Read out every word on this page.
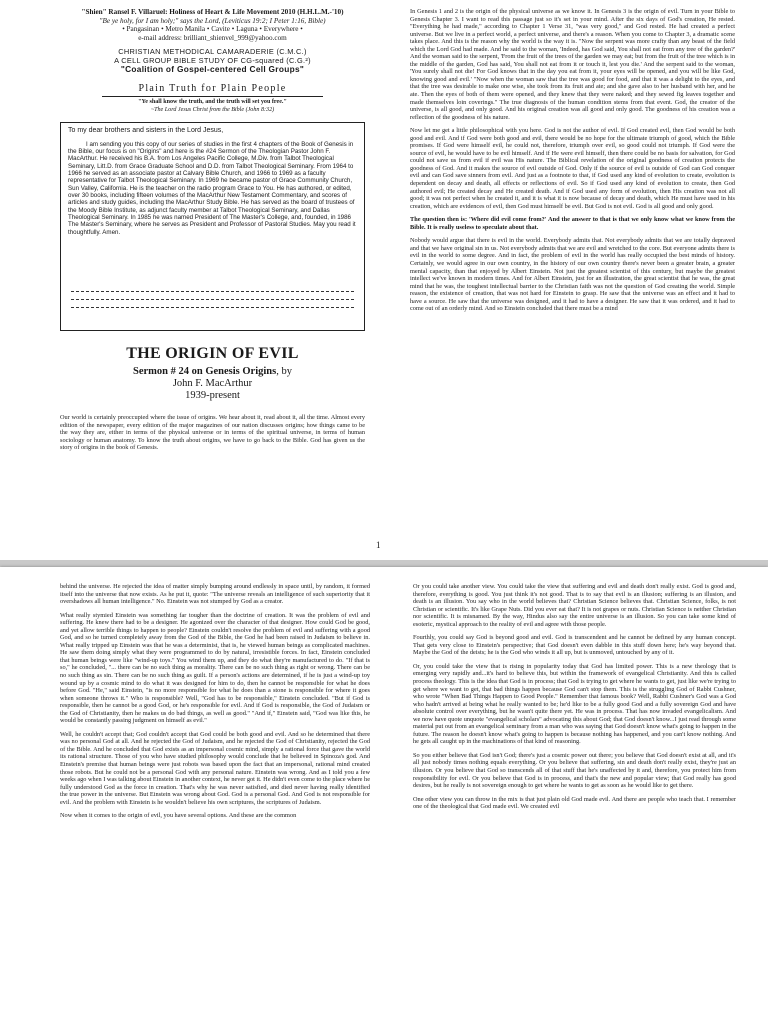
"Shien" Ransel F. Villaruel: Holiness of Heart & Life Movement 2010 (H.H.L.M.-'10)
"Be ye holy, for I am holy;" says the Lord, (Leviticus 19:2; I Peter 1:16, Bible)
• Pangasinan • Metro Manila • Cavite • Laguna • Everywhere •
e-mail address: brilliant_shienvel_999@yahoo.com
CHRISTIAN METHODICAL CAMARADERIE (C.M.C.)
A CELL GROUP BIBLE STUDY OF CG-squared (C.G.²)
"Coalition of Gospel-centered Cell Groups"
Plain Truth for Plain People
"Ye shall know the truth, and the truth will set you free."
~The Lord Jesus Christ from the Bible (John 8:32)
To my dear brothers and sisters in the Lord Jesus,
I am sending you this copy of our series of studies in the first 4 chapters of the Book of Genesis in the Bible, our focus is on "Origins" and here is the #24 Sermon of the Theologian Pastor John F. MacArthur. He received his B.A. from Los Angeles Pacific College, M.Div. from Talbot Theological Seminary, Litt.D. from Grace Graduate School and D.D. from Talbot Theological Seminary. From 1964 to 1966 he served as an associate pastor at Calvary Bible Church, and 1966 to 1969 as a faculty representative for Talbot Theological Seminary. In 1969 he became pastor of Grace Community Church, Sun Valley, California. He is the teacher on the radio program Grace to You. He has authored, or edited, over 30 books, including fifteen volumes of the MacArthur New Testament Commentary, and scores of articles and study guides, including the MacArthur Study Bible. He has served as the board of trustees of the Moody Bible Institute, as adjunct faculty member at Talbot Theological Seminary, and Dallas Theological Seminary. In 1985 he was named President of The Master's College, and, founded, in 1986 The Master's Seminary, where he serves as President and Professor of Pastoral Studies. May you read it thoughtfully. Amen.
THE ORIGIN OF EVIL
Sermon # 24 on Genesis Origins, by
John F. MacArthur
1939-present

Our world is certainly preoccupied where the issue of origins. We hear about it, read about it, all the time. Almost every edition of the newspaper, every edition of the major magazines of our nation discusses origins; how things came to be the way they are, either in terms of the physical universe or in terms of the spiritual universe, in terms of human sociology or human anatomy. To know the truth about origins, we have to go back to the Bible. God has given us the story of origins in the book of Genesis.

In Genesis 1 and 2 is the origin of the physical universe as we know it. In Genesis 3 is the origin of evil. Turn in your Bible to Genesis Chapter 3. I want to read this passage just so it's set in your mind. After the six days of God's creation, He rested. "Everything he had made," according to Chapter 1 Verse 31, "was very good," and God rested. He had created a perfect universe. But we live in a perfect world, a perfect universe, and there's a reason. When you come to Chapter 3, a dramatic scene takes place. And this is the reason why the world is the way it is. "Now the serpent was more crafty than any beast of the field which the Lord God had made. And he said to the woman, 'Indeed, has God said, You shall not eat from any tree of the garden?' And the woman said to the serpent, 'From the fruit of the trees of the garden we may eat; but from the fruit of the tree which is in the middle of the garden, God has said, You shall not eat from it or touch it, lest you die.' And the serpent said to the woman, 'You surely shall not die! For God knows that in the day you eat from it, your eyes will be opened, and you will be like God, knowing good and evil.' "Now when the woman saw that the tree was good for food, and that it was a delight to the eyes, and that the tree was desirable to make one wise, she took from its fruit and ate; and she gave also to her husband with her, and he ate. Then the eyes of both of them were opened, and they knew that they were naked; and they sewed fig leaves together and made themselves loin coverings." The true diagnosis of the human condition stems from that event. God, the creator of the universe, is all good, and only good. And his original creation was all good and only good. The goodness of his creation was a reflection of the goodness of his nature.

Now let me get a little philosophical with you here. God is not the author of evil. If God created evil, then God would be both good and evil. And if God were both good and evil, there would be no hope for the ultimate triumph of good, which the Bible promises. If God were himself evil, he could not, therefore, triumph over evil, so good could not triumph. If God were the source of evil, he would have to be evil himself. And if He were evil himself, then there could be no basis for salvation, for God could not save us from evil if evil was His nature. The Biblical revelation of the original goodness of creation protects the goodness of God. And it makes the source of evil outside of God. Only if the source of evil is outside of God can God conquer evil and can God save sinners from evil. And just as a footnote to that, if God used any kind of evolution to create, evolution is dependent on decay and death, all effects or reflections of evil. So if God used any kind of evolution to create, then God authored evil; He created decay and He created death. And if God used any form of evolution, then His creation was not all good; it was not perfect when he created it, and it is what it is now because of decay and death, which He must have used in his creation, which are evidences of evil, then God must himself be evil. But God is not evil. God is all good and only good.

The question then is: 'Where did evil come from?' And the answer to that is that we only know what we know from the Bible. It is really useless to speculate about that.

Nobody would argue that there is evil in the world. Everybody admits that. Not everybody admits that we are totally depraved and that we have original sin in us. Not everybody admits that we are evil and wretched to the core. But everyone admits there is evil in the world to some degree. And in fact, the problem of evil in the world has really occupied the best minds of history. Certainly, we would agree in our own country, in the history of our own country there's never been a greater brain, a greater mental capacity, than that enjoyed by Albert Einstein. Not just the greatest scientist of this century, but maybe the greatest intellect we've known in modern times. And for Albert Einstein, just for an illustration, the great scientist that he was, the great mind that he was, the toughest intellectual barrier to the Christian faith was not the question of God creating the world. Simple reason, the existence of creation, that was not hard for Einstein to grasp. He saw that the universe was an effect and it had to have a source. He saw that the universe was designed, and it had to have a designer. He saw that it was ordered, and it had to come out of an orderly mind. And so Einstein concluded that there must be a mind

1

behind the universe. He rejected the idea of matter simply bumping around endlessly in space until, by random, it formed itself into the universe that now exists. As he put it, quote: "The universe reveals an intelligence of such superiority that it overshadows all human intelligence." No. Einstein was not stumped by God as a creator.

What really stymied Einstein was something far tougher than the doctrine of creation. It was the problem of evil and suffering. He knew there had to be a designer. He agonized over the character of that designer. How could God be good, and yet allow terrible things to happen to people? Einstein couldn't resolve the problem of evil and suffering with a good God, and so he turned completely away from the God of the Bible, the God he had been raised in Judaism to believe in. What really tripped up Einstein was that he was a determinist, that is, he viewed human beings as complicated machines. He saw them doing simply what they were programmed to do by natural, irresistible forces. In fact, Einstein concluded that human beings were like "wind-up toys." You wind them up, and they do what they're manufactured to do. "If that is so," he concluded, "... there can be no such thing as morality. There can be no such thing as right or wrong. There can be no such thing as sin. There can be no such thing as guilt. If a person's actions are determined, if he is just a wind-up toy wound up by a cosmic mind to do what it was designed for him to do, then he cannot be responsible for what he does before God. "He," said Einstein, "is no more responsible for what he does than a stone is responsible for where it goes when someone throws it." Who is responsible? Well, "God has to be responsible," Einstein concluded. "But if God is responsible, then he cannot be a good God, or he's responsible for evil. And if God is responsible, the God of Judaism or the God of Christianity, then he makes us do bad things, as well as good." "And if," Einstein said, "God was like this, he would be constantly passing judgment on himself as evil."

Well, he couldn't accept that; God couldn't accept that God could be both good and evil. And so he determined that there was no personal God at all. And he rejected the God of Judaism, and he rejected the God of Christianity, rejected the God of the Bible. And he concluded that God exists as an impersonal cosmic mind, simply a rational force that gave the world its rational structure. Those of you who have studied philosophy would conclude that he believed in Spinoza's god. And Einstein's premise that human beings were just robots was based upon the fact that an impersonal, rational mind created those robots. But he could not be a personal God with any personal nature. Einstein was wrong. And as I told you a few weeks ago when I was talking about Einstein in another context, he never got it. He didn't even come to the place where he fully understood God as the force in creation. That's why he was never satisfied, and died never having really identified the true power in the universe. But Einstein was wrong about God. God is a personal God. And God is not responsible for evil. And the problem with Einstein is he wouldn't believe his own scriptures, the scriptures of Judaism.

Now when it comes to the origin of evil, you have several options. And these are the common

Or you could take another view. You could take the view that suffering and evil and death don't really exist. God is good and, therefore, everything is good. You just think it's not good. That is to say that evil is an illusion; suffering is an illusion, and death is an illusion. You say who in the world believes that? Christian Science believes that. Christian Science, folks, is not Christian or scientific. It's like Grape Nuts. Did you ever eat that? It is not grapes or nuts. Christian Science is neither Christian nor scientific. It is misnamed. By the way, Hindus also say the entire universe is an illusion. So you can take some kind of esoteric, mystical approach to the reality of evil and agree with those people.

Fourthly, you could say God is beyond good and evil. God is transcendent and he cannot be defined by any human concept. That gets very close to Einstein's perspective; that God doesn't even dabble in this stuff down here; he's way beyond that. Maybe the God of the deists; he is the God who winds it all up, but is unmoved, untouched by any of it.

Or, you could take the view that is rising in popularity today that God has limited power. This is a new theology that is emerging very rapidly and...it's hard to believe this, but within the framework of evangelical Christianity. And this is called process theology. This is the idea that God is in process; that God is trying to get where he wants to get, just like we're trying to get where we want to get, that bad things happen because God can't stop them. This is the struggling God of Rabbi Cushner, who wrote "When Bad Things Happen to Good People." Remember that famous book? Well, Rabbi Cushner's God was a God who hadn't arrived at being what he really wanted to be; he'd like to be a fully good God and a fully sovereign God and have absolute control over everything, but he wasn't quite there yet. He was in process. That has now invaded evangelicalism. And we now have quote unquote "evangelical scholars" advocating this about God; that God doesn't know...I just read through some material put out from an evangelical seminary from a man who was saying that God doesn't know what's going to happen in the future. The reason he doesn't know what's going to happen is because nothing has happened, and you can't know nothing. And he gets all caught up in the machinations of that kind of reasoning.

So you either believe that God isn't God; there's just a cosmic power out there; you believe that God doesn't exist at all, and it's all just nobody times nothing equals everything. Or you believe that suffering, sin and death don't really exist, they're just an illusion. Or you believe that God so transcends all of that stuff that he's unaffected by it and, therefore, you protect him from responsibility for evil. Or you believe that God is in process, and that's the new and popular view; that God really has good desires, but he really is not sovereign enough to get where he wants to get as soon as he would like to get there.

One other view you can throw in the mix is that just plain old God made evil. And there are people who teach that. I remember one of the theological that God made evil. We created evil
